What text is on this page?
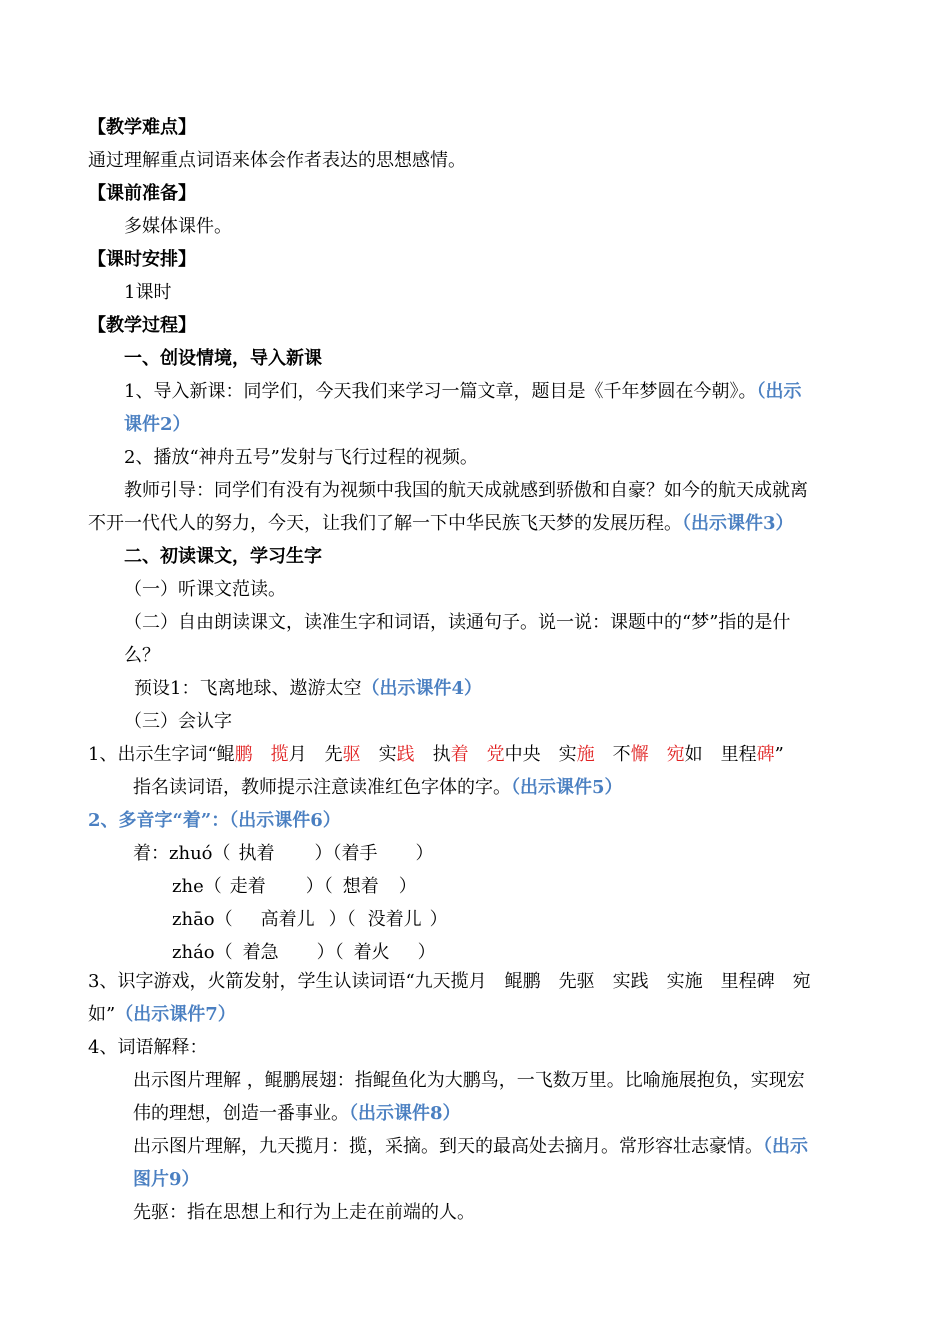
【教学难点】
通过理解重点词语来体会作者表达的思想感情。
【课前准备】
多媒体课件。
【课时安排】
1课时
【教学过程】
一、创设情境，导入新课
1、导入新课：同学们，今天我们来学习一篇文章，题目是《千年梦圆在今朝》。（出示
课件2）
2、播放“神舟五号”发射与飞行过程的视频。
教师引导：同学们有没有为视频中我国的航天成就感到骄傲和自豪？如今的航天成就离
不开一代代人的努力，今天，让我们了解一下中华民族飞天梦的发展历程。（出示课件3）
二、初读课文，学习生字
（一）听课文范读。
（二）自由朗读课文，读准生字和词语，读通句子。说一说：课题中的“梦”指的是什
么？
预设1：飞离地球、遨游太空（出示课件4）
（三）会认字
1、出示生字词“鲲鹏 揽月 先驱 实践 执着 党中央 实施 不懈 宛如 里程碑”
指名读词语，教师提示注意读准红色字体的字。（出示课件5）
2、多音字“着”：（出示课件6）
着：zhuó（ 执着 ）（着手 ）
zhe（ 走着 ）（ 想着 ）
zhāo（ 高着儿 ）（ 没着儿 ）
zháo（ 着急 ）（ 着火 ）
3、识字游戏，火箭发射，学生认读词语“九天揽月　鲲鹏　先驱　实践　实施　里程碑　宛
如”（出示课件7）
4、词语解释：
出示图片理解 ，鲲鹏展翅：指鲲鱼化为大鹏鸟，一飞数万里。比喻施展抱负，实现宏
伟的理想，创造一番事业。（出示课件8）
出示图片理解，九天揽月：揽，采摘。到天的最高处去摘月。常形容壮志豪情。（出示
图片9）
先驱：指在思想上和行为上走在前端的人。
